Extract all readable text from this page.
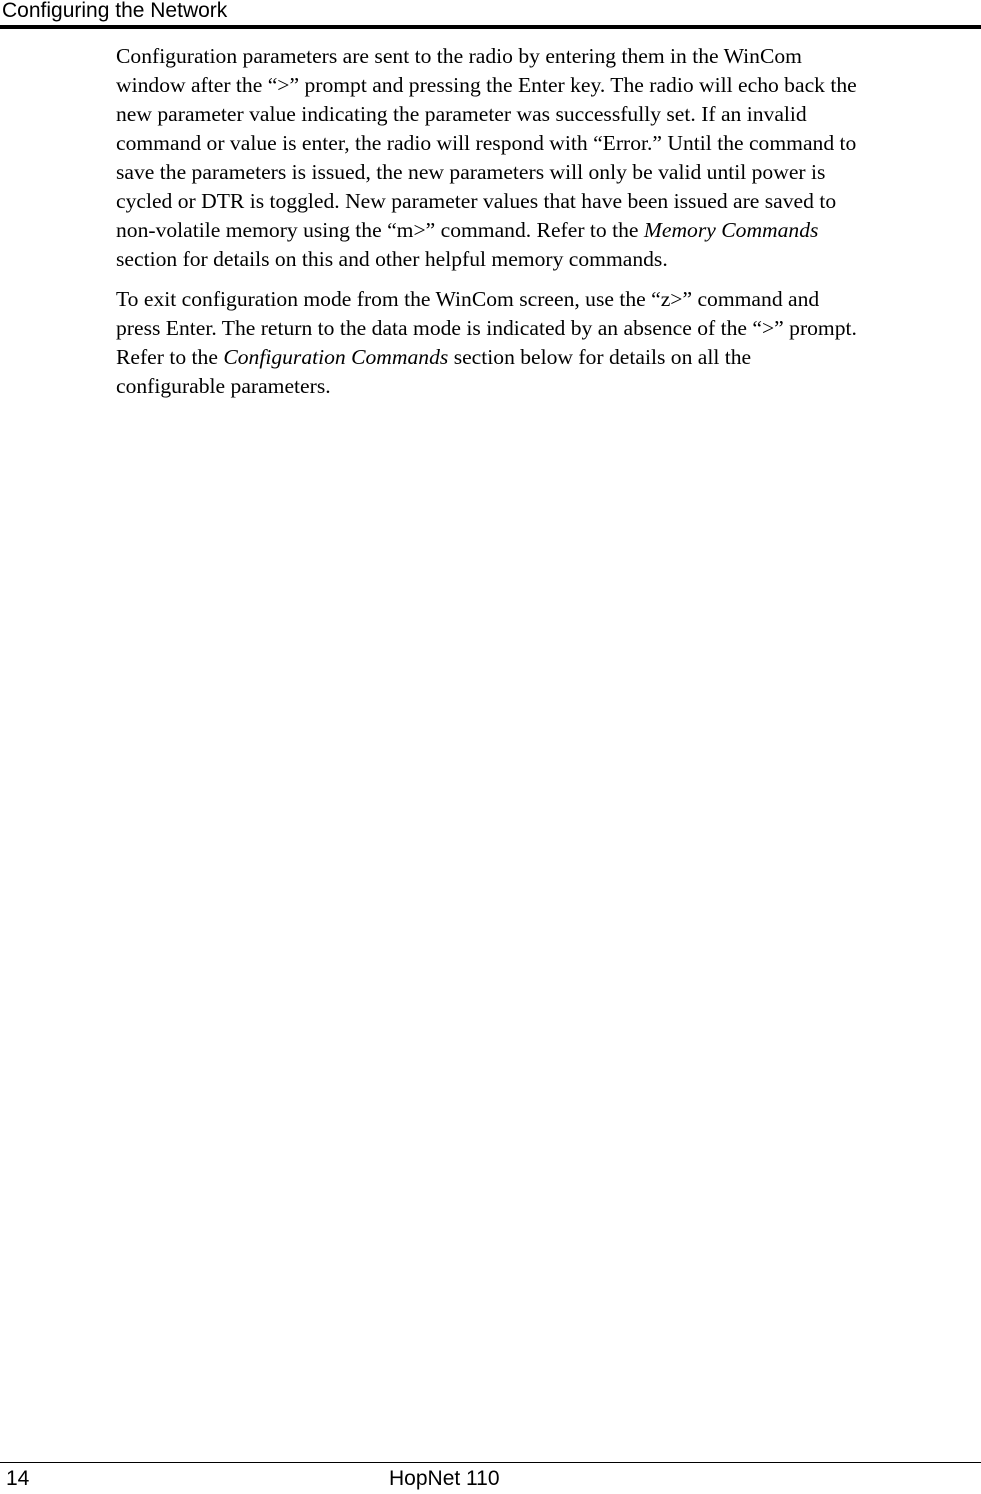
Configuring the Network

Configuration parameters are sent to the radio by entering them in the WinCom
window after the “>” prompt and pressing the Enter key. The radio will echo back the
new parameter value indicating the parameter was successfully set. If an invalid
command or value is enter, the radio will respond with “Error.” Until the command to
save the parameters is issued, the new parameters will only be valid until power is
cycled or DTR is toggled. New parameter values that have been issued are saved to
non-volatile memory using the “m>” command. Refer to the Memory Commands
section for details on this and other helpful memory commands.

To exit configuration mode from the WinCom screen, use the “z>” command and
press Enter. The return to the data mode is indicated by an absence of the “>” prompt.
Refer to the Configuration Commands section below for details on all the
configurable parameters.

14	HopNet 110
